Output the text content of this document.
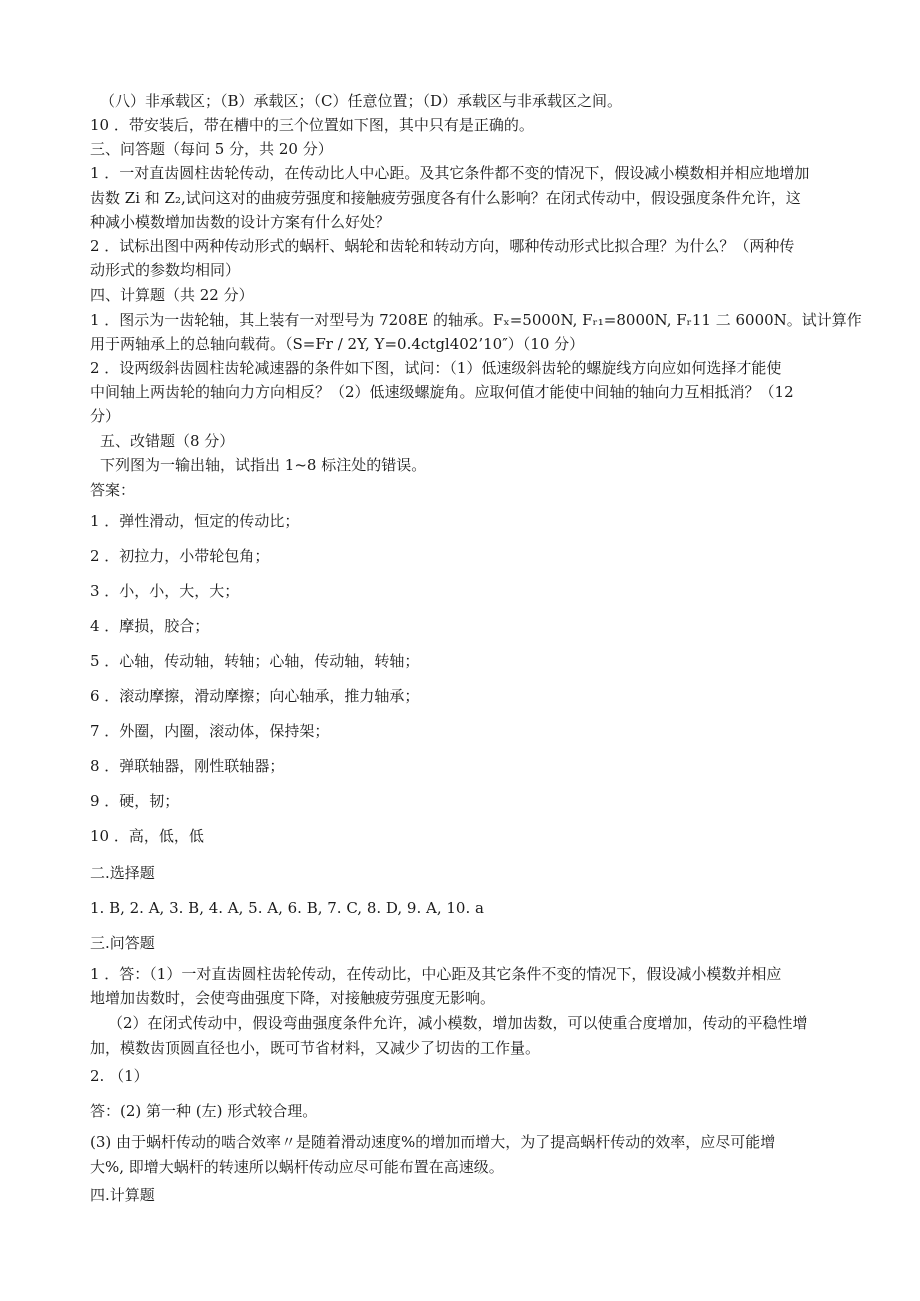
（八）非承载区；（B）承载区；（C）任意位置；（D）承载区与非承载区之间。
10 ．带安装后，带在槽中的三个位置如下图，其中只有是正确的。
三、问答题（每问 5 分，共 20 分）
1 ．一对直齿圆柱齿轮传动，在传动比人中心距。及其它条件都不变的情况下，假设减小模数相并相应地增加
齿数 Zi 和 Z₂,试问这对的曲疲劳强度和接触疲劳强度各有什么影响？在闭式传动中，假设强度条件允许，这
种减小模数增加齿数的设计方案有什么好处？
2 ．试标出图中两种传动形式的蜗杆、蜗轮和齿轮和转动方向，哪种传动形式比拟合理？为什么？（两种传
动形式的参数均相同）
四、计算题（共 22 分）
1 ．图示为一齿轮轴，其上装有一对型号为 7208E 的轴承。Fₓ=5000N, Fᵣ₁=8000N, Fᵣ11 二 6000N。试计算作
用于两轴承上的总轴向载荷。（S=Fr / 2Y, Y=0.4ctgl402’10″）（10 分）
2 ．设两级斜齿圆柱齿轮减速器的条件如下图，试问：（1）低速级斜齿轮的螺旋线方向应如何选择才能使
中间轴上两齿轮的轴向力方向相反？（2）低速级螺旋角。应取何值才能使中间轴的轴向力互相抵消？（12
分）
五、改错题（8 分）
下列图为一输出轴，试指出 1~8 标注处的错误。
答案：
1 ．弹性滑动，恒定的传动比；
2 ．初拉力，小带轮包角；
3 ．小，小，大，大；
4 ．摩损，胶合；
5 ．心轴，传动轴，转轴；心轴，传动轴，转轴；
6 ．滚动摩擦，滑动摩擦；向心轴承，推力轴承；
7 ．外圈，内圈，滚动体，保持架；
8 ．弹联轴器，刚性联轴器；
9 ．硬，韧；
10 ．高，低，低
二.选择题
1. B, 2. A, 3. B, 4. A, 5. A, 6. B, 7. C, 8. D, 9. A, 10. a
三.问答题
1 ．答：（1）一对直齿圆柱齿轮传动，在传动比，中心距及其它条件不变的情况下，假设减小模数并相应
地增加齿数时，会使弯曲强度下降，对接触疲劳强度无影响。
（2）在闭式传动中，假设弯曲强度条件允许，减小模数，增加齿数，可以使重合度增加，传动的平稳性增
加，模数齿顶圆直径也小，既可节省材料，又减少了切齿的工作量。
2. （1）
答：(2) 第一种 (左) 形式较合理。
(3) 由于蜗杆传动的啮合效率〃是随着滑动速度%的增加而增大，为了提高蜗杆传动的效率，应尽可能增
大%, 即增大蜗杆的转速所以蜗杆传动应尽可能布置在高速级。
四.计算题
